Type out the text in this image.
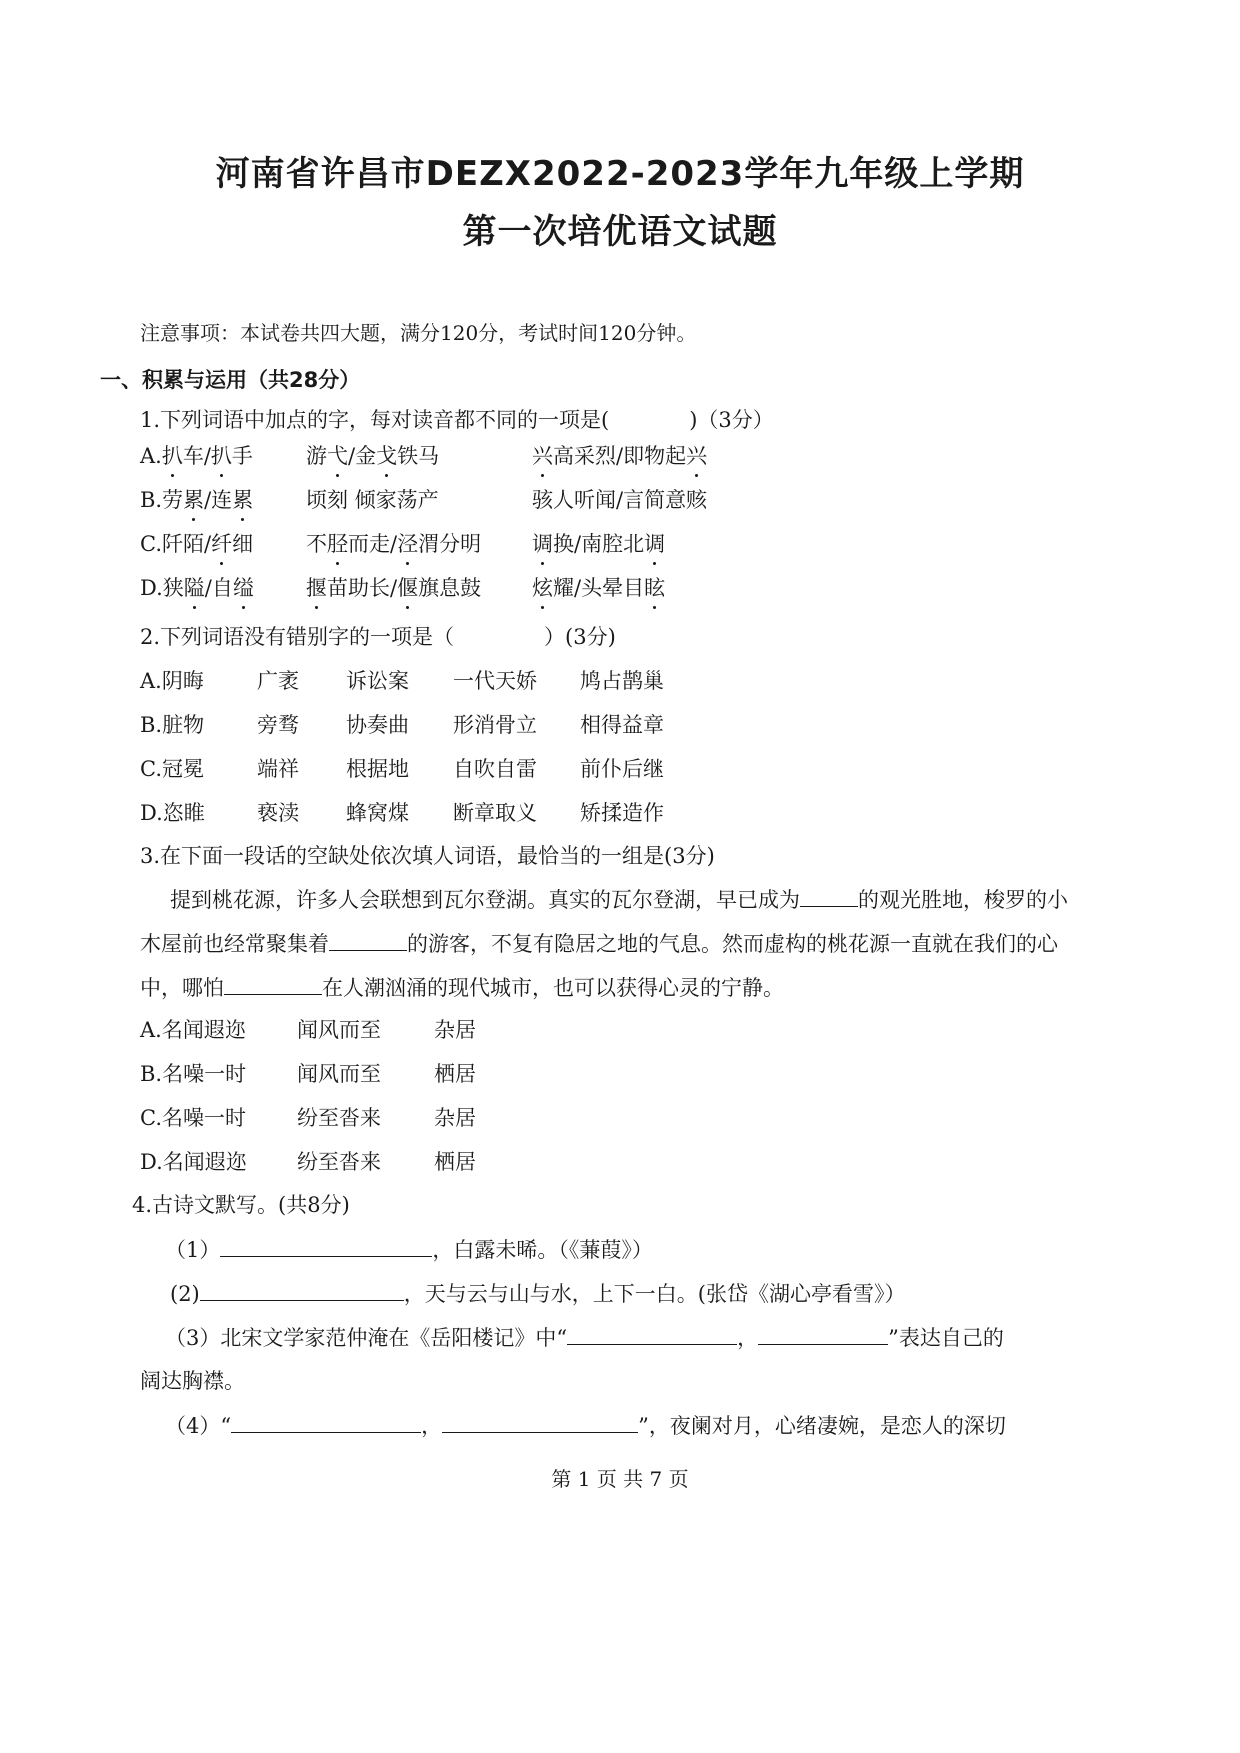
河南省许昌市DEZX2022-2023学年九年级上学期
第一次培优语文试题
注意事项：本试卷共四大题，满分120分，考试时间120分钟。
一、积累与运用（共28分）
1.下列词语中加点的字，每对读音都不同的一项是(	)（3分）
A.扒车/扒手	游弋/金戈铁马	兴高采烈/即物起兴
B.劳累/连累	顷刻 倾家荡产	骇人听闻/言简意赅
C.阡陌/纤细	不胫而走/泾渭分明 调换/南腔北调
D.狭隘/自缢 揠苗助长/偃旗息鼓 炫耀/头晕目眩
2.下列词语没有错别字的一项是（	）(3分)
A.阴晦	广袤 诉讼案 一代天娇 鸠占鹊巢
B.脏物	旁骛 协奏曲 形消骨立 相得益章
C.冠冕	端祥 根据地 自吹自雷 前仆后继
D.恣睢 亵渎 蜂窝煤 断章取义 矫揉造作
3.在下面一段话的空缺处依次填人词语，最恰当的一组是(3分)
提到桃花源，许多人会联想到瓦尔登湖。真实的瓦尔登湖，早已成为	的观光胜地，梭罗的小
木屋前也经常聚集着	的游客，不复有隐居之地的气息。然而虚构的桃花源一直就在我们的心
中，哪怕	在人潮汹涌的现代城市，也可以获得心灵的宁静。
A.名闻遐迩 闻风而至	杂居
B.名噪一时 闻风而至	栖居
C.名噪一时 纷至沓来	杂居
D.名闻遐迩 纷至沓来	栖居
4.古诗文默写。(共8分)
（1）	，白露未晞。（《蒹葭》）
(2)	，天与云与山与水，上下一白。(张岱《湖心亭看雪》）
（3）北宋文学家范仲淹在《岳阳楼记》中“	，	”表达自己的
阔达胸襟。
（4）“	，	”，夜阑对月，心绪凄婉，是恋人的深切
第 1 页 共 7 页
